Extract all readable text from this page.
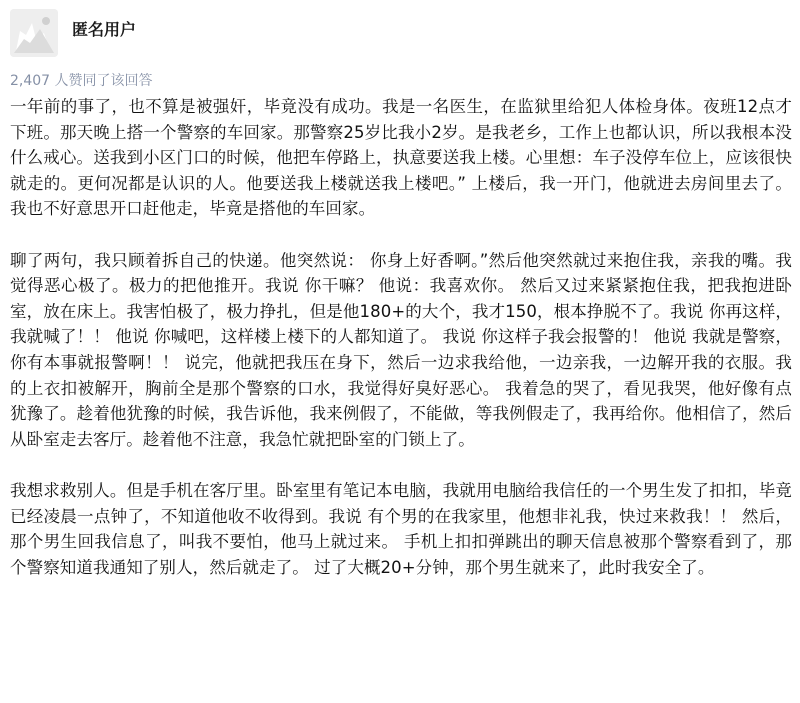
匿名用户
2,407 人赞同了该回答

一年前的事了，也不算是被强奸，毕竟没有成功。我是一名医生，在监狱里给犯人体检身体。夜班12点才下班。那天晚上搭一个警察的车回家。那警察25岁比我小2岁。是我老乡，工作上也都认识，所以我根本没什么戒心。送我到小区门口的时候，他把车停路上，执意要送我上楼。心里想：车子没停车位上，应该很快就走的。更何况都是认识的人。他要送我上楼就送我上楼吧。” 上楼后，我一开门，他就进去房间里去了。我也不好意思开口赶他走，毕竟是搭他的车回家。

聊了两句，我只顾着拆自己的快递。他突然说： 你身上好香啊。”然后他突然就过来抱住我，亲我的嘴。我觉得恶心极了。极力的把他推开。我说 你干嘛？ 他说：我喜欢你。 然后又过来紧紧抱住我，把我抱进卧室，放在床上。我害怕极了，极力挣扎，但是他180+的大个，我才150，根本挣脱不了。我说 你再这样，我就喊了！！ 他说 你喊吧，这样楼上楼下的人都知道了。 我说 你这样子我会报警的！ 他说 我就是警察，你有本事就报警啊！！ 说完，他就把我压在身下，然后一边求我给他，一边亲我，一边解开我的衣服。我的上衣扣被解开，胸前全是那个警察的口水，我觉得好臭好恶心。 我着急的哭了，看见我哭，他好像有点犹豫了。趁着他犹豫的时候，我告诉他，我来例假了，不能做，等我例假走了，我再给你。他相信了，然后从卧室走去客厅。趁着他不注意，我急忙就把卧室的门锁上了。

我想求救别人。但是手机在客厅里。卧室里有笔记本电脑，我就用电脑给我信任的一个男生发了扣扣，毕竟已经凌晨一点钟了，不知道他收不收得到。我说 有个男的在我家里，他想非礼我，快过来救我！！ 然后，那个男生回我信息了，叫我不要怕，他马上就过来。 手机上扣扣弹跳出的聊天信息被那个警察看到了，那个警察知道我通知了别人，然后就走了。 过了大概20+分钟，那个男生就来了，此时我安全了。
